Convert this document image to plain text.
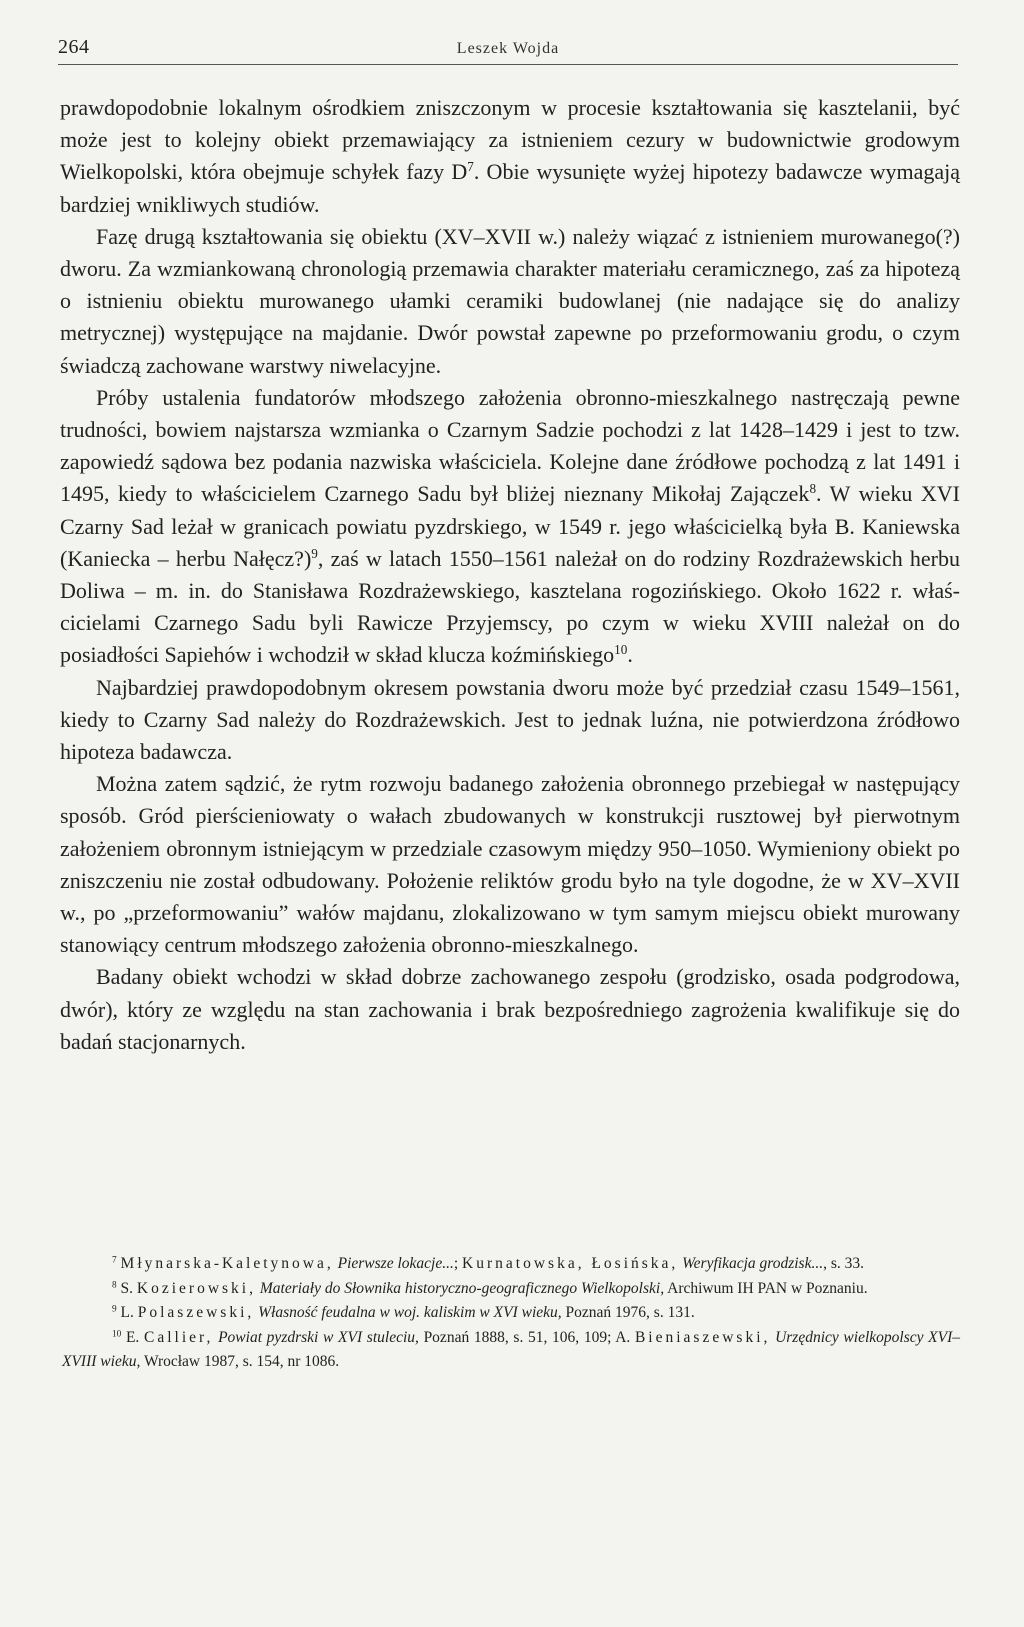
264	Leszek Wojda

prawdopodobnie lokalnym ośrodkiem zniszczonym w procesie kształtowania się kasztelanii, być może jest to kolejny obiekt przemawiający za istnieniem cezury w budownictwie grodowym Wielkopolski, która obejmuje schyłek fazy $D^7$. Obie wysunięte wyżej hipotezy badawcze wymagają bardziej wnikliwych studiów.

Fazę drugą kształtowania się obiektu (XV–XVII w.) należy wiązać z istnieniem murowanego(?) dworu. Za wzmiankowaną chronologią przemawia charakter materiału ceramicznego, zaś za hipotezą o istnieniu obiektu murowanego ułamki ceramiki budowlanej (nie nadające się do analizy metrycznej) występujące na majdanie. Dwór powstał zapewne po przeformowaniu grodu, o czym świadczą zachowane warstwy niwelacyjne.

Próby ustalenia fundatorów młodszego założenia obronno-mieszkalnego nastręczają pewne trudności, bowiem najstarsza wzmianka o Czarnym Sadzie pochodzi z lat 1428–1429 i jest to tzw. zapowiedź sądowa bez podania nazwiska właściciela. Kolejne dane źródłowe pochodzą z lat 1491 i 1495, kiedy to właścicielem Czarnego Sadu był bliżej nieznany Mikołaj Zajączek$^8$. W wieku XVI Czarny Sad leżał w granicach powiatu pyzdrskiego, w 1549 r. jego właścicielką była B. Kaniewska (Kaniecka – herbu Nałęcz?)$^9$, zaś w latach 1550–1561 należał on do rodziny Rozdrażewskich herbu Doliwa – m. in. do Stanisława Rozdrażewskiego, kasztelana rogozińskiego. Około 1622 r. właścicielami Czarnego Sadu byli Rawicze Przyjemscy, po czym w wieku XVIII należał on do posiadłości Sapiehów i wchodził w skład klucza koźmińskiego$^{10}$.

Najbardziej prawdopodobnym okresem powstania dworu może być przedział czasu 1549–1561, kiedy to Czarny Sad należy do Rozdrażewskich. Jest to jednak luźna, nie potwierdzona źródłowo hipoteza badawcza.

Można zatem sądzić, że rytm rozwoju badanego założenia obronnego przebiegał w następujący sposób. Gród pierścieniowaty o wałach zbudowanych w konstrukcji rusztowej był pierwotnym założeniem obronnym istniejącym w przedziale czasowym między 950–1050. Wymieniony obiekt po zniszczeniu nie został odbudowany. Położenie reliktów grodu było na tyle dogodne, że w XV–XVII w., po „przeformowaniu” wałów majdanu, zlokalizowano w tym samym miejscu obiekt murowany stanowiący centrum młodszego założenia obronno-mieszkalnego.

Badany obiekt wchodzi w skład dobrze zachowanego zespołu (grodzisko, osada podgrodowa, dwór), który ze względu na stan zachowania i brak bezpośredniego zagrożenia kwalifikuje się do badań stacjonarnych.

$^7$ Młynarska-Kaletynowa, Pierwsze lokacje...; Kurnatowska, Łosińska, Weryfikacja grodzisk..., s. 33.

$^8$ S. Kozierowski, Materiały do Słownika historyczno-geograficznego Wielkopolski, Archiwum IH PAN w Poznaniu.

$^9$ L. Polaszewski, Własność feudalna w woj. kaliskim w XVI wieku, Poznań 1976, s. 131.

$^{10}$ E. Callier, Powiat pyzdrski w XVI stuleciu, Poznań 1888, s. 51, 106, 109; A. Bieniaszewski, Urzędnicy wielkopolscy XVI–XVIII wieku, Wrocław 1987, s. 154, nr 1086.
